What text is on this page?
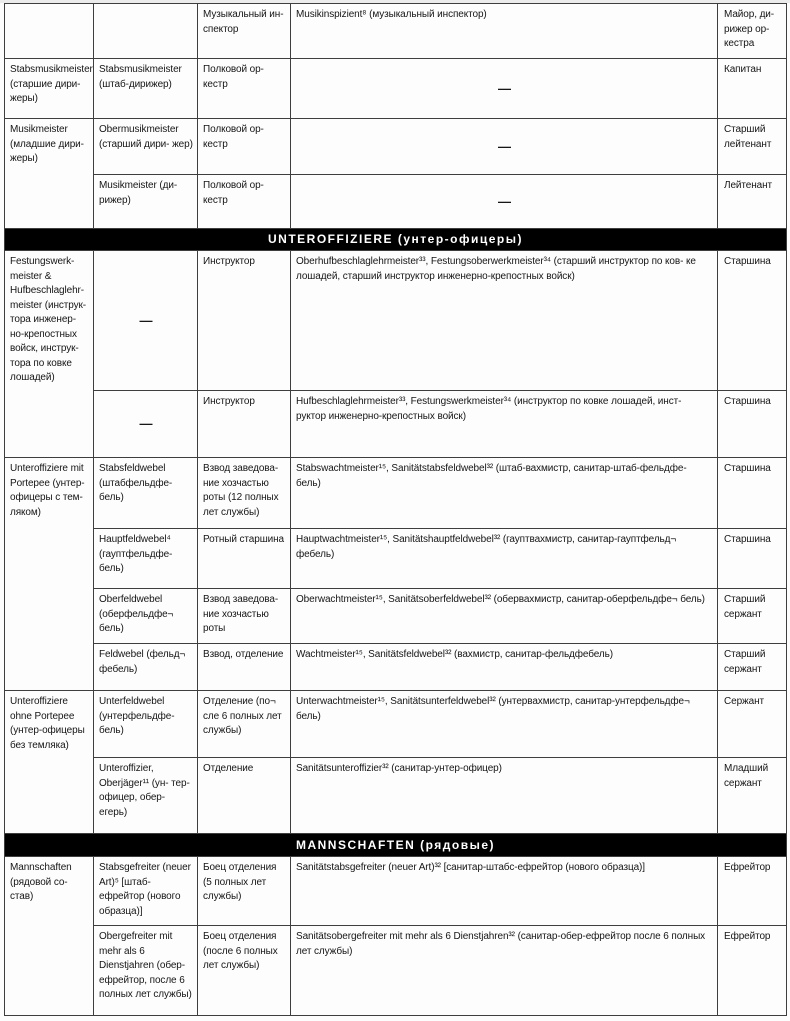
		Музыкальный ин- спектор	Musikinspizient⁸ (музыкальный инспектор)	Майор, ди- рижер ор- кестра
Stabsmusikmeister (старшие дири- жеры)	Stabsmusikmeister (штаб-дирижер)	Полковой ор- кестр	—	Капитан
Musikmeister (младшие дири- жеры)	Obermusikmeister (старший дири- жер)	Полковой ор- кестр	—	Старший лейтенант
	Musikmeister (ди- рижер)	Полковой ор- кестр	—	Лейтенант
UNTEROFFIZIERE (унтер-офицеры)				
Festungswerk- meister & Hufbeschlaglehr- meister (инструк- тора инженер- но-крепостных войск, инструк- тора по ковке лошадей)	—	Инструктор	Oberhufbeschlaglehrmeister³³, Festungsoberwerkmeister³⁴ (старший инструктор по ков- ке лошадей, старший инструктор инженерно-крепостных войск)	Старшина
	—	Инструктор	Hufbeschlaglehrmeister³³, Festungswerkmeister³⁴ (инструктор по ковке лошадей, инст- руктор инженерно-крепостных войск)	Старшина
Unteroffiziere mit Portepee (унтер- офицеры с тем- ляком)	Stabsfeldwebel (штабфельдфе- бель)	Взвод заведова- ние хозчастью роты (12 полных лет службы)	Stabswachtmeister¹⁵, Sanitätstabsfeldwebel³² (штаб-вахмистр, санитар-штаб-фельдфе- бель)	Старшина
	Hauptfeldwebel⁴ (гауптфельдфе- бель)	Ротный старшина	Hauptwachtmeister¹⁵, Sanitätshauptfeldwebel³² (гауптвахмистр, санитар-гауптфельд¬ фебель)	Старшина
	Oberfeldwebel (оберфельдфе¬ бель)	Взвод заведова- ние хозчастью роты	Oberwachtmeister¹⁵, Sanitätsoberfeldwebel³² (обервахмистр, санитар-оберфельдфе¬ бель)	Старший сержант
	Feldwebel (фельд¬ фебель)	Взвод, отделение	Wachtmeister¹⁵, Sanitätsfeldwebel³² (вахмистр, санитар-фельдфебель)	Старший сержант
Unteroffiziere ohne Portepee (унтер-офицеры без темляка)	Unterfeldwebel (унтерфельдфе- бель)	Отделение (по¬ сле 6 полных лет службы)	Unterwachtmeister¹⁵, Sanitätsunterfeldwebel³² (унтервахмистр, санитар-унтерфельдфе¬ бель)	Сержант
	Unteroffizier, Oberjäger¹¹ (ун- тер-офицер, обер-егерь)	Отделение	Sanitätsunteroffizier³² (санитар-унтер-офицер)	Младший сержант
MANNSCHAFTEN (рядовые)				
Mannschaften (рядовой со- став)	Stabsgefreiter (neuer Art)⁵ [штаб- ефрейтор (нового образца)]	Боец отделения (5 полных лет службы)	Sanitätstabsgefreiter (neuer Art)³² [санитар-штабс-ефрейтор (нового образца)]	Ефрейтор
	Obergefreiter mit mehr als 6 Dienstjahren (обер- ефрейтор, после 6 полных лет службы)	Боец отделения (после 6 полных лет службы)	Sanitätsobergefreiter mit mehr als 6 Dienstjahren³² (санитар-обер-ефрейтор после 6 полных лет службы)	Ефрейтор
